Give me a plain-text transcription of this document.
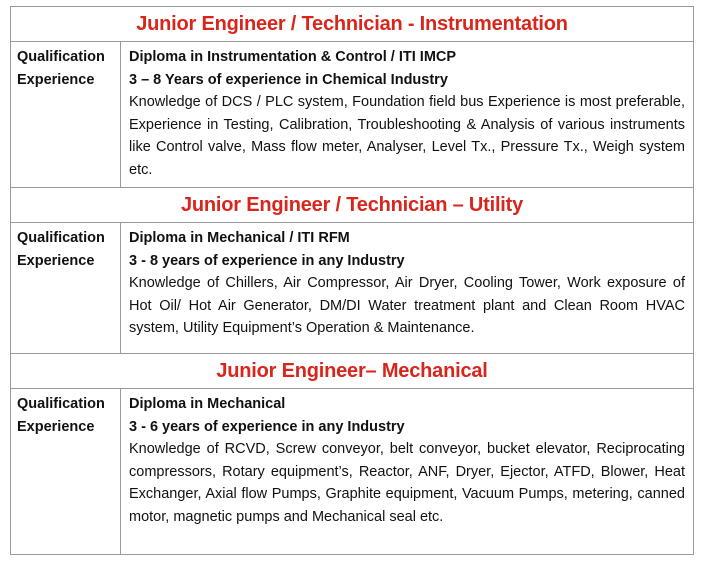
Junior Engineer / Technician - Instrumentation
Qualification
Experience
Diploma in Instrumentation & Control / ITI IMCP
3 – 8 Years of experience in Chemical Industry
Knowledge of DCS / PLC system, Foundation field bus Experience is most preferable, Experience in Testing, Calibration, Troubleshooting & Analysis of various instruments like Control valve, Mass flow meter, Analyser, Level Tx., Pressure Tx., Weigh system etc.
Junior Engineer / Technician – Utility
Qualification
Experience
Diploma in Mechanical / ITI RFM
3 - 8 years of experience in any Industry
Knowledge of Chillers, Air Compressor, Air Dryer, Cooling Tower, Work exposure of Hot Oil/ Hot Air Generator, DM/DI Water treatment plant and Clean Room HVAC system, Utility Equipment’s Operation & Maintenance.
Junior Engineer– Mechanical
Qualification
Experience
Diploma in Mechanical
3 - 6 years of experience in any Industry
Knowledge of RCVD, Screw conveyor, belt conveyor, bucket elevator, Reciprocating compressors, Rotary equipment’s, Reactor, ANF, Dryer, Ejector, ATFD, Blower, Heat Exchanger, Axial flow Pumps, Graphite equipment, Vacuum Pumps, metering, canned motor, magnetic pumps and Mechanical seal etc.
